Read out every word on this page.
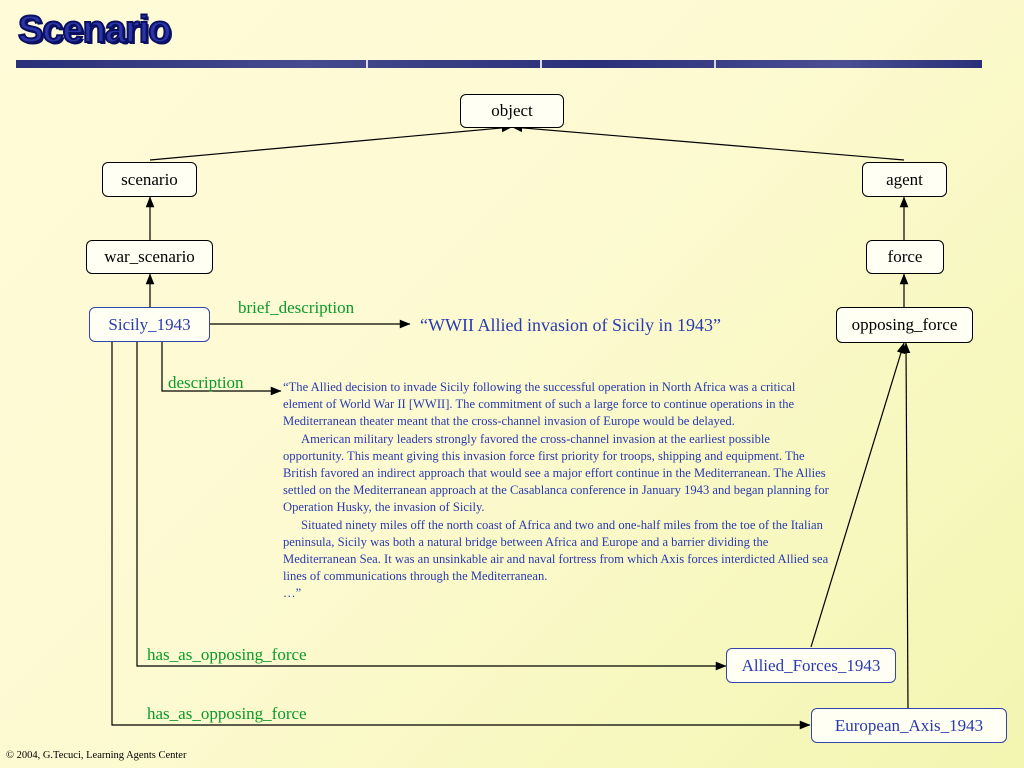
Scenario
object
scenario	agent
war_scenario	force
Sicily_1943	opposing_force
Allied_Forces_1943
European_Axis_1943
brief_description
description
has_as_opposing_force
has_as_opposing_force
“WWII Allied invasion of Sicily in 1943”

“The Allied decision to invade Sicily following the successful operation in North Africa was a critical element of World War II [WWII]. The commitment of such a large force to continue operations in the Mediterranean theater meant that the cross-channel invasion of Europe would be delayed.

American military leaders strongly favored the cross-channel invasion at the earliest possible opportunity. This meant giving this invasion force first priority for troops, shipping and equipment. The British favored an indirect approach that would see a major effort continue in the Mediterranean. The Allies settled on the Mediterranean approach at the Casablanca conference in January 1943 and began planning for Operation Husky, the invasion of Sicily.

Situated ninety miles off the north coast of Africa and two and one-half miles from the toe of the Italian peninsula, Sicily was both a natural bridge between Africa and Europe and a barrier dividing the Mediterranean Sea. It was an unsinkable air and naval fortress from which Axis forces interdicted Allied sea lines of communications through the Mediterranean.

…”

© 2004, G.Tecuci, Learning Agents Center
